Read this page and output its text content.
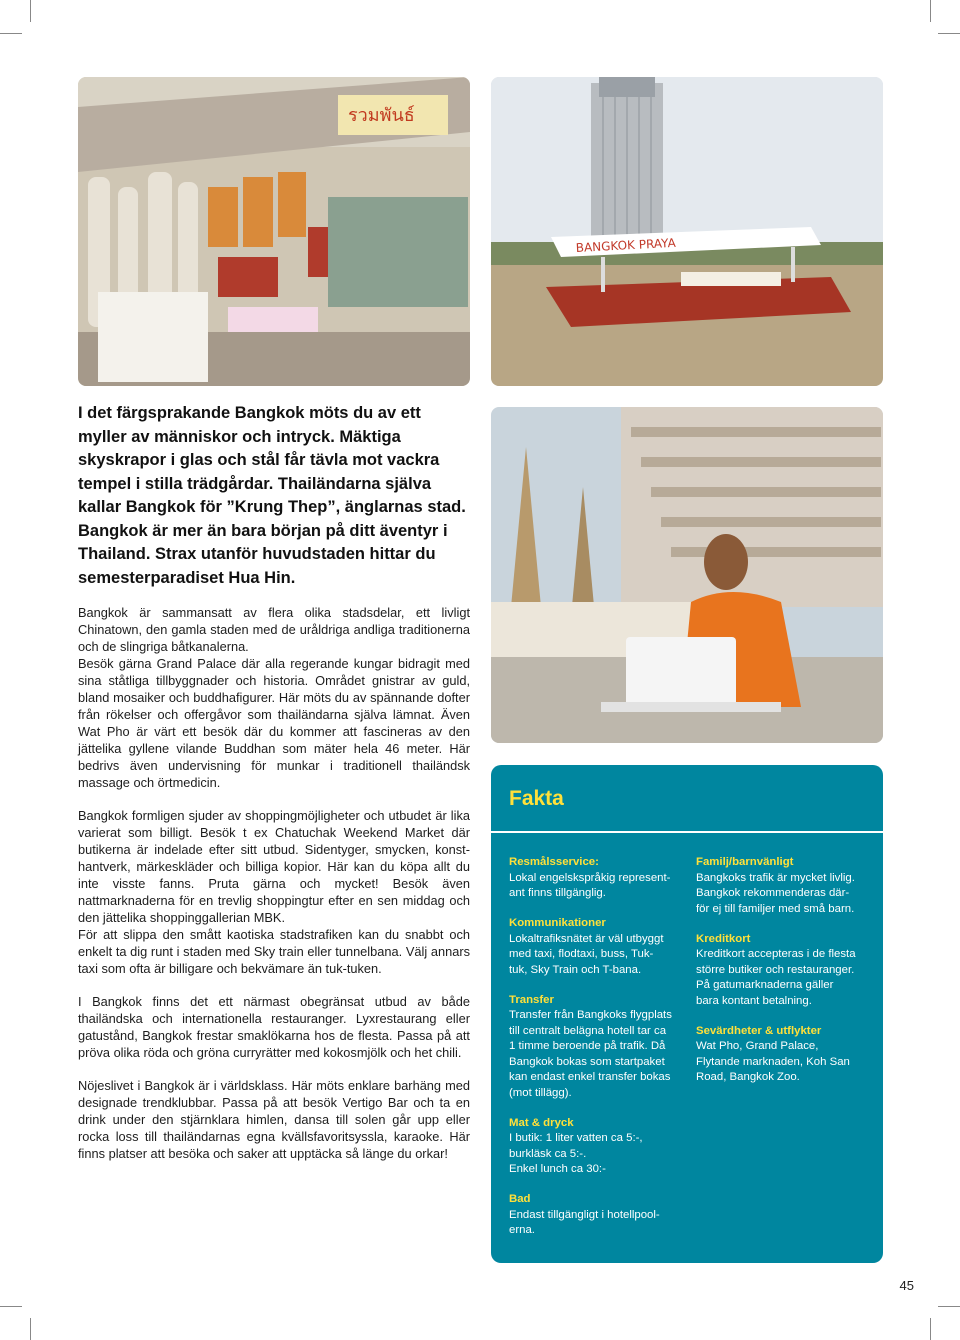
รวมพันธ์
BANGKOK PRAYA

I det färgsprakande Bangkok möts du av ett myller av människor och intryck. Mäktiga skyskrapor i glas och stål får tävla mot vackra tempel i stilla trädgårdar. Thailändarna själva kallar Bangkok för ”Krung Thep”, änglarnas stad. Bangkok är mer än bara början på ditt äventyr i Thailand. Strax utanför huvudstaden hittar du semesterparadiset Hua Hin.

Bangkok är sammansatt av flera olika stadsdelar, ett livligt Chinatown, den gamla staden med de uråldriga andliga traditionerna och de slingriga båtkanalerna.

Besök gärna Grand Palace där alla regerande kungar bidragit med sina ståtliga tillbyggnader och historia. Området gnistrar av guld, bland mosaiker och buddhafigurer. Här möts du av spännande dofter från rökelser och offergåvor som thailändarna själva lämnat. Även Wat Pho är värt ett besök där du kommer att fascineras av den jättelika gyllene vilande Buddhan som mäter hela 46 meter. Här bedrivs även undervisning för munkar i traditionell thailändsk massage och örtmedicin.

Bangkok formligen sjuder av shoppingmöjligheter och utbudet är lika varierat som billigt. Besök t ex Chatuchak Weekend Market där butikerna är indelade efter sitt utbud. Sidentyger, smycken, konst-hantverk, märkeskläder och billiga kopior. Här kan du köpa allt du inte visste fanns. Pruta gärna och mycket! Besök även nattmarknaderna för en trevlig shoppingtur efter en sen middag och den jättelika shoppinggallerian MBK.

För att slippa den smått kaotiska stadstrafiken kan du snabbt och enkelt ta dig runt i staden med Sky train eller tunnelbana. Välj annars taxi som ofta är billigare och bekvämare än tuk-tuken.

I Bangkok finns det ett närmast obegränsat utbud av både thailändska och internationella restauranger. Lyxrestaurang eller gatustånd, Bangkok frestar smaklökarna hos de flesta. Passa på att pröva olika röda och gröna curryrätter med kokosmjölk och het chili.

Nöjeslivet i Bangkok är i världsklass. Här möts enklare barhäng med designade trendklubbar. Passa på att besök Vertigo Bar och ta en drink under den stjärnklara himlen, dansa till solen går upp eller rocka loss till thailändarnas egna kvällsfavoritsyssla, karaoke. Här finns platser att besöka och saker att upptäcka så länge du orkar!

Fakta
Resmålsservice:
Lokal engelskspråkig represent-
ant finns tillgänglig.
Kommunikationer
Lokaltrafiksnätet är väl utbyggt
med taxi, flodtaxi, buss, Tuk-
tuk, Sky Train och T-bana.
Transfer
Transfer från Bangkoks flygplats
till centralt belägna hotell tar ca
1 timme beroende på trafik. Då
Bangkok bokas som startpaket
kan endast enkel transfer bokas
(mot tillägg).
Mat & dryck
I butik: 1 liter vatten ca 5:-,
burkläsk ca 5:-.
Enkel lunch ca 30:-
Bad
Endast tillgängligt i hotellpool-
erna.
Familj/barnvänligt
Bangkoks trafik är mycket livlig.
Bangkok rekommenderas där-
för ej till familjer med små barn.
Kreditkort
Kreditkort accepteras i de flesta
större butiker och restauranger.
På gatumarknaderna gäller
bara kontant betalning.
Sevärdheter & utflykter
Wat Pho, Grand Palace,
Flytande marknaden, Koh San
Road, Bangkok Zoo.
45
